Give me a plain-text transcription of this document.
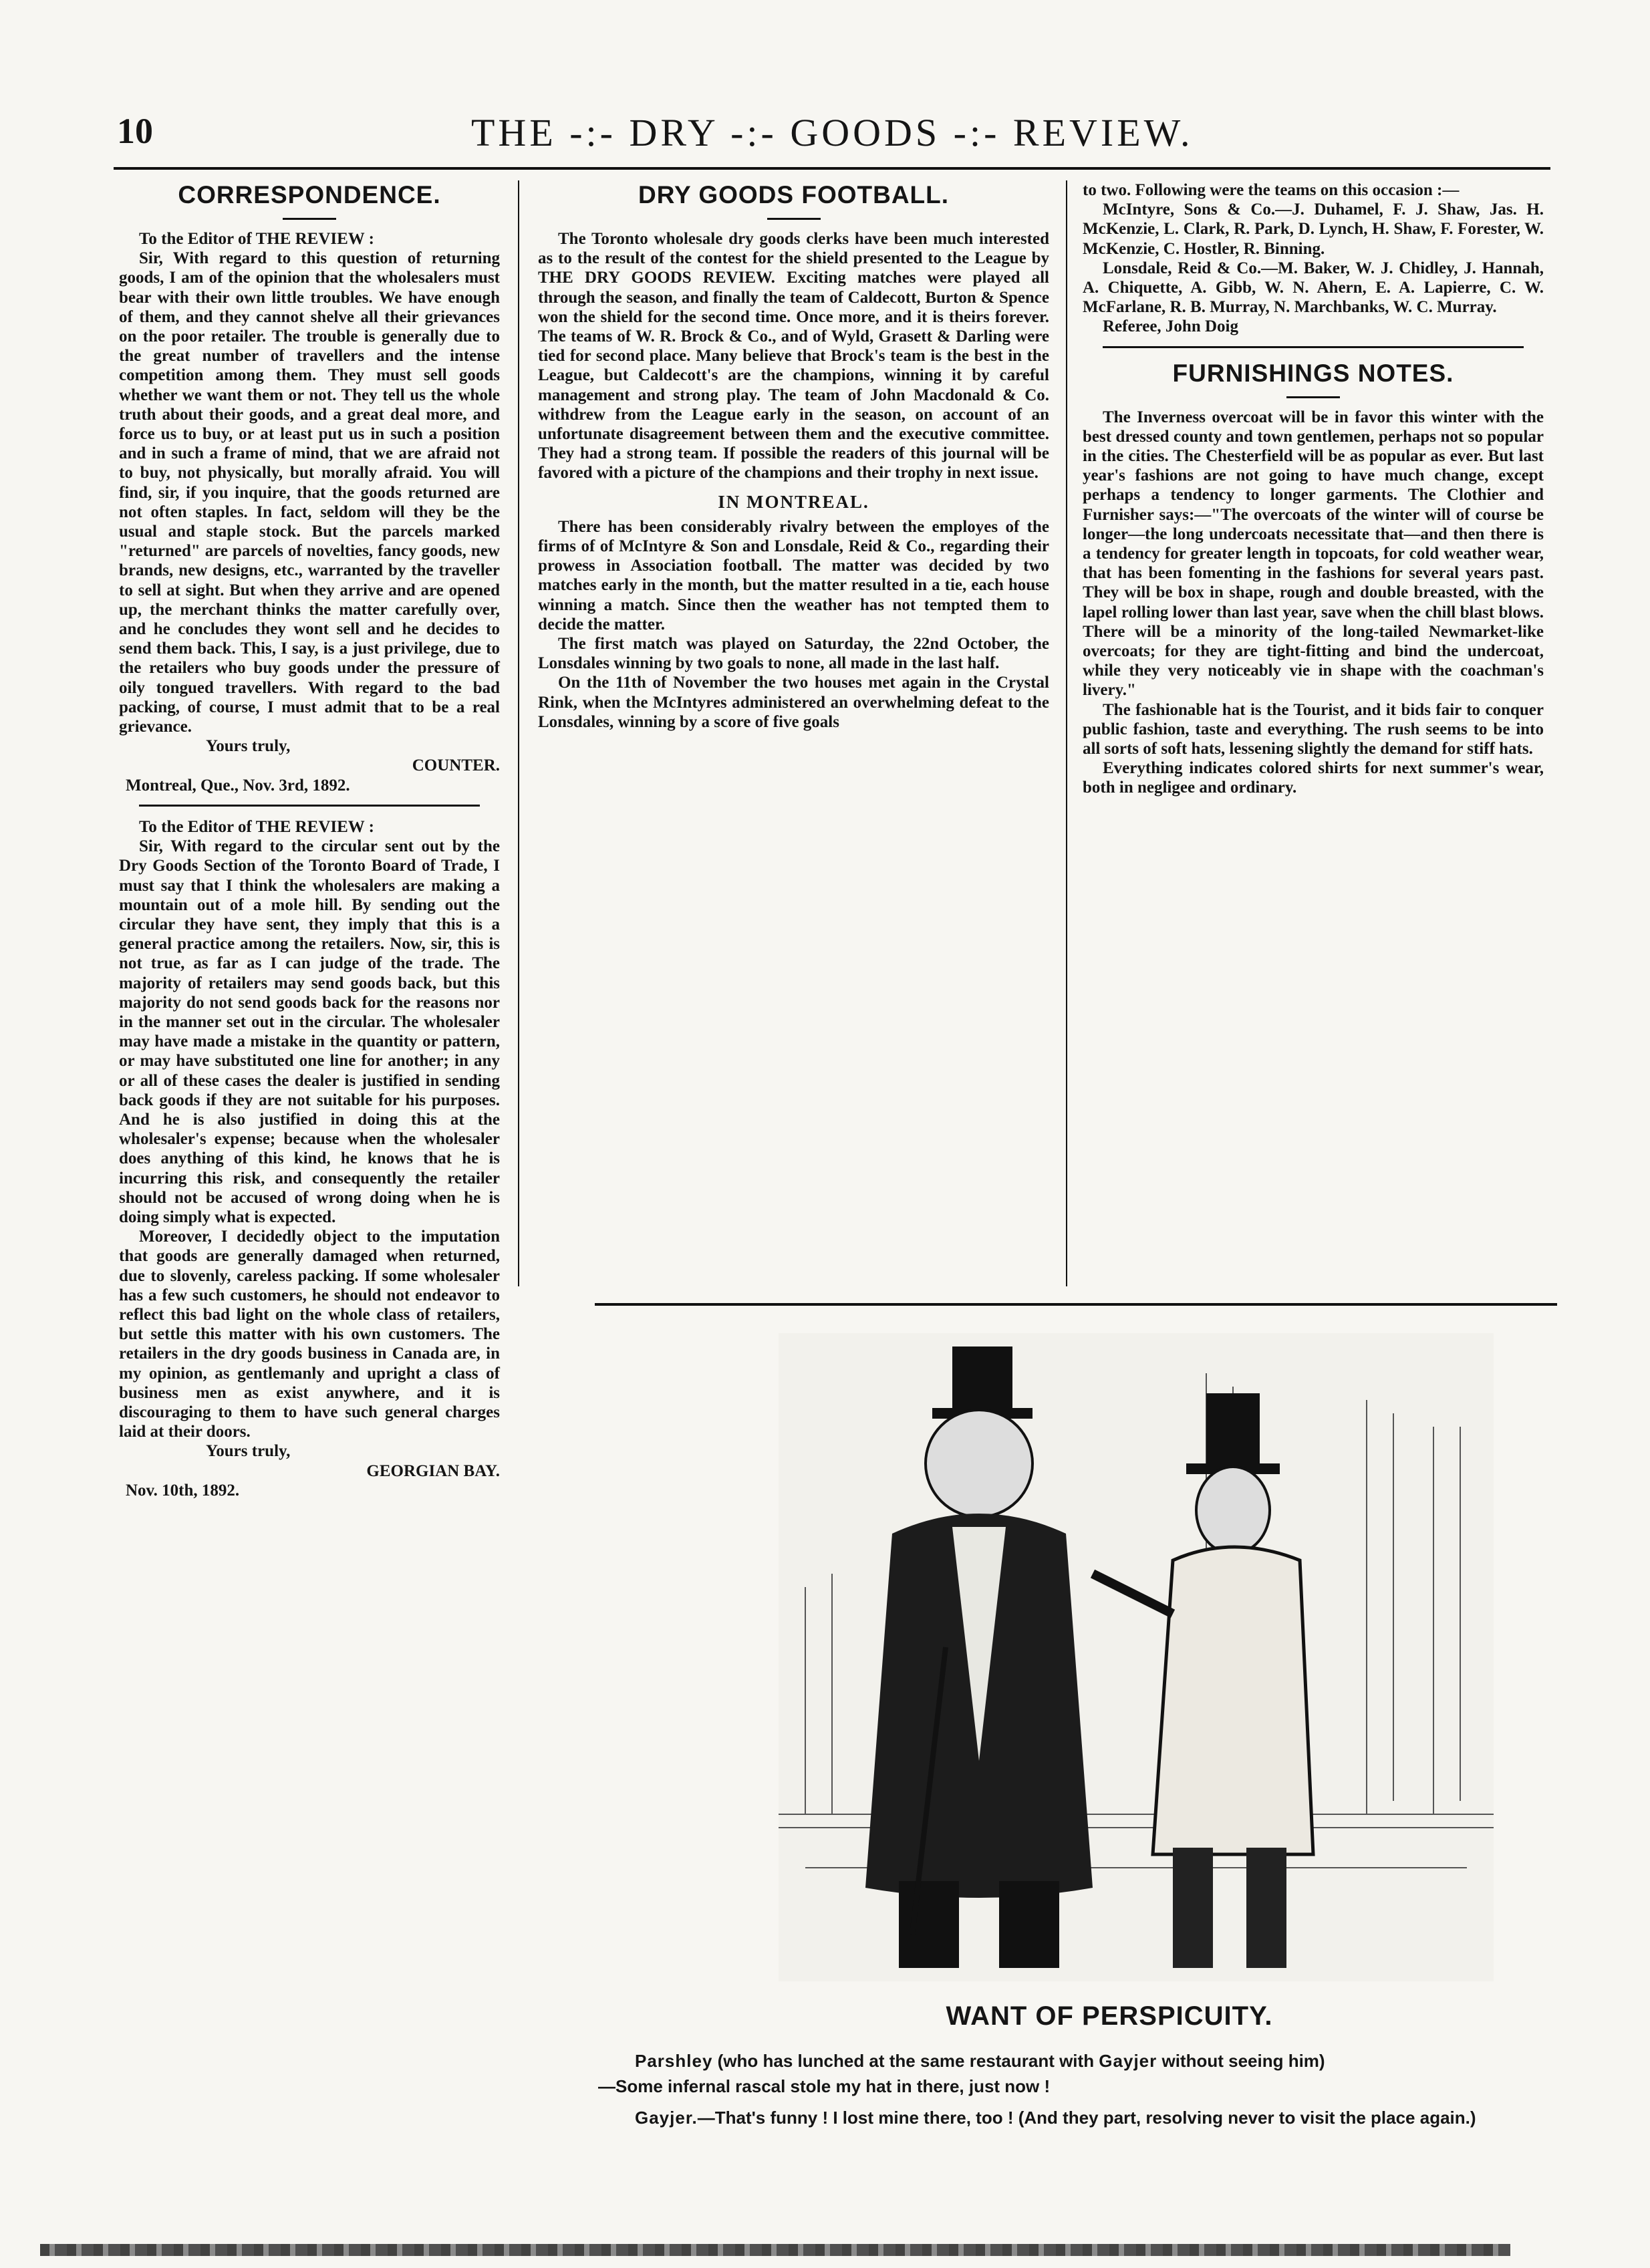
10	THE -:- DRY -:- GOODS -:- REVIEW.
CORRESPONDENCE.

To the Editor of THE REVIEW :

Sir, With regard to this question of returning goods, I am of the opinion that the wholesalers must bear with their own little troubles. We have enough of them, and they cannot shelve all their grievances on the poor retailer. The trouble is generally due to the great number of travellers and the intense competition among them. They must sell goods whether we want them or not. They tell us the whole truth about their goods, and a great deal more, and force us to buy, or at least put us in such a position and in such a frame of mind, that we are afraid not to buy, not physically, but morally afraid. You will find, sir, if you inquire, that the goods returned are not often staples. In fact, seldom will they be the usual and staple stock. But the parcels marked "returned" are parcels of novelties, fancy goods, new brands, new designs, etc., warranted by the traveller to sell at sight. But when they arrive and are opened up, the merchant thinks the matter carefully over, and he concludes they wont sell and he decides to send them back. This, I say, is a just privilege, due to the retailers who buy goods under the pressure of oily tongued travellers. With regard to the bad packing, of course, I must admit that to be a real grievance.

Yours truly,

COUNTER.

Montreal, Que., Nov. 3rd, 1892.

To the Editor of THE REVIEW :

Sir, With regard to the circular sent out by the Dry Goods Section of the Toronto Board of Trade, I must say that I think the wholesalers are making a mountain out of a mole hill. By sending out the circular they have sent, they imply that this is a general practice among the retailers. Now, sir, this is not true, as far as I can judge of the trade. The majority of retailers may send goods back, but this majority do not send goods back for the reasons nor in the manner set out in the circular. The wholesaler may have made a mistake in the quantity or pattern, or may have substituted one line for another; in any or all of these cases the dealer is justified in sending back goods if they are not suitable for his purposes. And he is also justified in doing this at the wholesaler's expense; because when the wholesaler does anything of this kind, he knows that he is incurring this risk, and consequently the retailer should not be accused of wrong doing when he is doing simply what is expected.

Moreover, I decidedly object to the imputation that goods are generally damaged when returned, due to slovenly, careless packing. If some wholesaler has a few such customers, he should not endeavor to reflect this bad light on the whole class of retailers, but settle this matter with his own customers. The retailers in the dry goods business in Canada are, in my opinion, as gentlemanly and upright a class of business men as exist anywhere, and it is discouraging to them to have such general charges laid at their doors.

Yours truly,

GEORGIAN BAY.

Nov. 10th, 1892.

DRY GOODS FOOTBALL.

The Toronto wholesale dry goods clerks have been much interested as to the result of the contest for the shield presented to the League by THE DRY GOODS REVIEW. Exciting matches were played all through the season, and finally the team of Caldecott, Burton & Spence won the shield for the second time. Once more, and it is theirs forever. The teams of W. R. Brock & Co., and of Wyld, Grasett & Darling were tied for second place. Many believe that Brock's team is the best in the League, but Caldecott's are the champions, winning it by careful management and strong play. The team of John Macdonald & Co. withdrew from the League early in the season, on account of an unfortunate disagreement between them and the executive committee. They had a strong team. If possible the readers of this journal will be favored with a picture of the champions and their trophy in next issue.

IN MONTREAL.

There has been considerably rivalry between the employes of the firms of of McIntyre & Son and Lonsdale, Reid & Co., regarding their prowess in Association football. The matter was decided by two matches early in the month, but the matter resulted in a tie, each house winning a match. Since then the weather has not tempted them to decide the matter.

The first match was played on Saturday, the 22nd October, the Lonsdales winning by two goals to none, all made in the last half.

On the 11th of November the two houses met again in the Crystal Rink, when the McIntyres administered an overwhelming defeat to the Lonsdales, winning by a score of five goals

to two. Following were the teams on this occasion :—

McIntyre, Sons & Co.—J. Duhamel, F. J. Shaw, Jas. H. McKenzie, L. Clark, R. Park, D. Lynch, H. Shaw, F. Forester, W. McKenzie, C. Hostler, R. Binning.

Lonsdale, Reid & Co.—M. Baker, W. J. Chidley, J. Hannah, A. Chiquette, A. Gibb, W. N. Ahern, E. A. Lapierre, C. W. McFarlane, R. B. Murray, N. Marchbanks, W. C. Murray.

Referee, John Doig

FURNISHINGS NOTES.

The Inverness overcoat will be in favor this winter with the best dressed county and town gentlemen, perhaps not so popular in the cities. The Chesterfield will be as popular as ever. But last year's fashions are not going to have much change, except perhaps a tendency to longer garments. The Clothier and Furnisher says:—"The overcoats of the winter will of course be longer—the long undercoats necessitate that—and then there is a tendency for greater length in topcoats, for cold weather wear, that has been fomenting in the fashions for several years past. They will be box in shape, rough and double breasted, with the lapel rolling lower than last year, save when the chill blast blows. There will be a minority of the long-tailed Newmarket-like overcoats; for they are tight-fitting and bind the undercoat, while they very noticeably vie in shape with the coachman's livery."

The fashionable hat is the Tourist, and it bids fair to conquer public fashion, taste and everything. The rush seems to be into all sorts of soft hats, lessening slightly the demand for stiff hats.

Everything indicates colored shirts for next summer's wear, both in negligee and ordinary.

WANT OF PERSPICUITY.
Parshley (who has lunched at the same restaurant with Gayjer without seeing him)
—Some infernal rascal stole my hat in there, just now !
Gayjer.—That's funny ! I lost mine there, too ! (And they part, resolving never to visit the place again.)
